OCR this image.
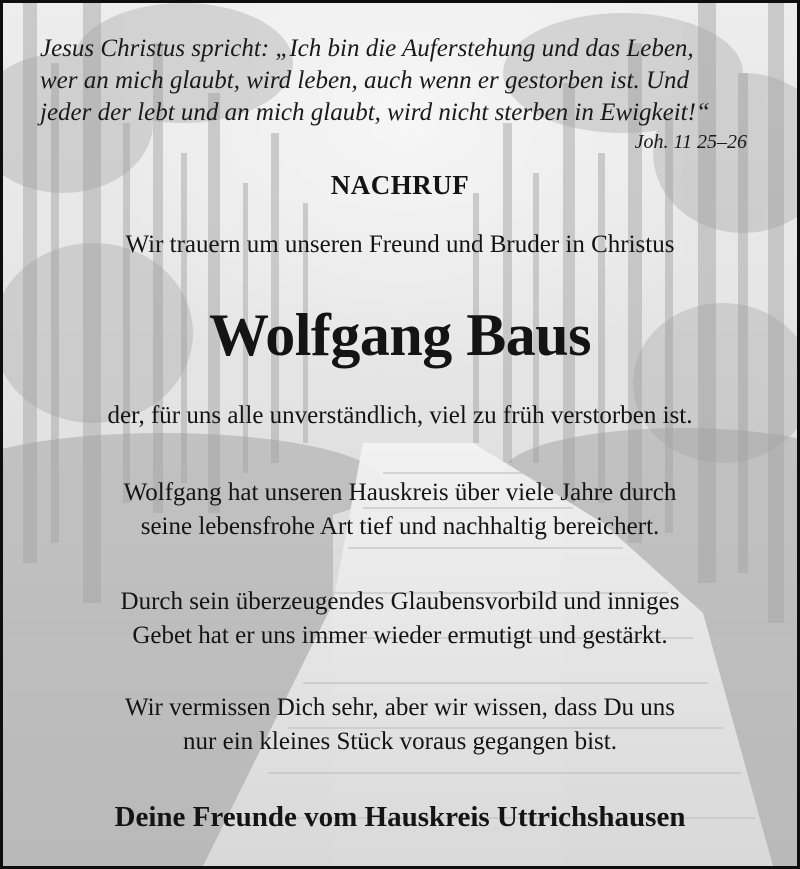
Jesus Christus spricht: „Ich bin die Auferstehung und das Leben,
wer an mich glaubt, wird leben, auch wenn er gestorben ist. Und
jeder der lebt und an mich glaubt, wird nicht sterben in Ewigkeit!“
Joh. 11 25–26
NACHRUF
Wir trauern um unseren Freund und Bruder in Christus
Wolfgang Baus
der, für uns alle unverständlich, viel zu früh verstorben ist.
Wolfgang hat unseren Hauskreis über viele Jahre durch
seine lebensfrohe Art tief und nachhaltig bereichert.
Durch sein überzeugendes Glaubensvorbild und inniges
Gebet hat er uns immer wieder ermutigt und gestärkt.
Wir vermissen Dich sehr, aber wir wissen, dass Du uns
nur ein kleines Stück voraus gegangen bist.
Deine Freunde vom Hauskreis Uttrichshausen
